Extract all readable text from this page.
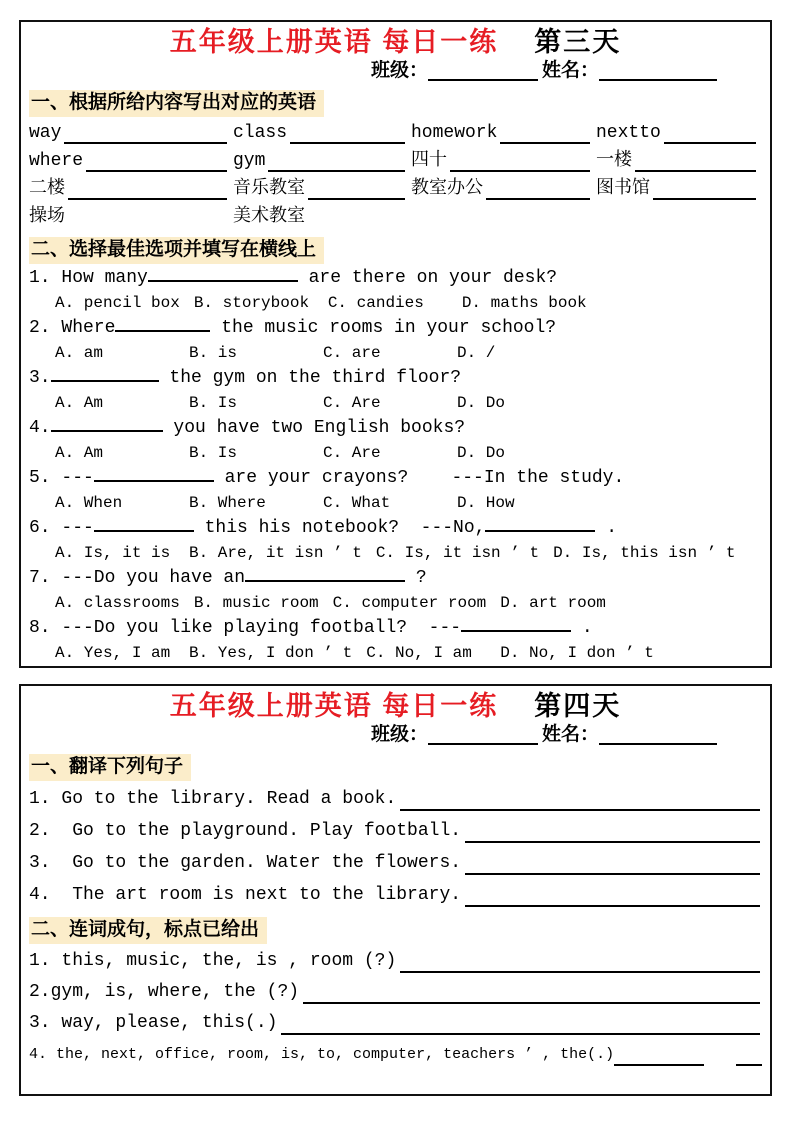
五年级上册英语 每日一练 第三天
班级：	姓名：
一、根据所给内容写出对应的英语
way	class	homework	nextto
where	gym	四十	一楼
二楼	音乐教室	教室办公	图书馆
操场	美术教室
二、选择最佳选项并填写在横线上
1. How many	are there on your desk?
A. pencil box B. storybook C. candies	D. maths book
2. Where	the music rooms in your school?
A. am	B. is	C. are	D. /
3.	the gym on the third floor?
A. Am	B. Is	C. Are	D. Do
4.	you have two English books?
A. Am	B. Is	C. Are	D. Do
5. ---	are your crayons?    ---In the study.
A. When	B. Where	C. What	D. How
6. ---	this his notebook?  ---No,	.
A. Is, it is B. Are, it isn ’ t C. Is, it isn ’ t D. Is, this isn ’ t
7. ---Do you have an	?
A. classrooms B. music room C. computer room D. art room
8. ---Do you like playing football?  ---	.
A. Yes, I am B. Yes, I don ’ t C. No, I am	D. No, I don ’ t
五年级上册英语 每日一练 第四天
班级：	姓名：
一、翻译下列句子
1. Go to the library. Read a book.
2.  Go to the playground. Play football.
3.  Go to the garden. Water the flowers.
4.  The art room is next to the library.
二、连词成句，标点已给出
1. this, music, the, is , room (?)
2.gym, is, where, the (?)
3. way, please, this(.)
4. the, next, office, room, is, to, computer, teachers ’ , the(.)
